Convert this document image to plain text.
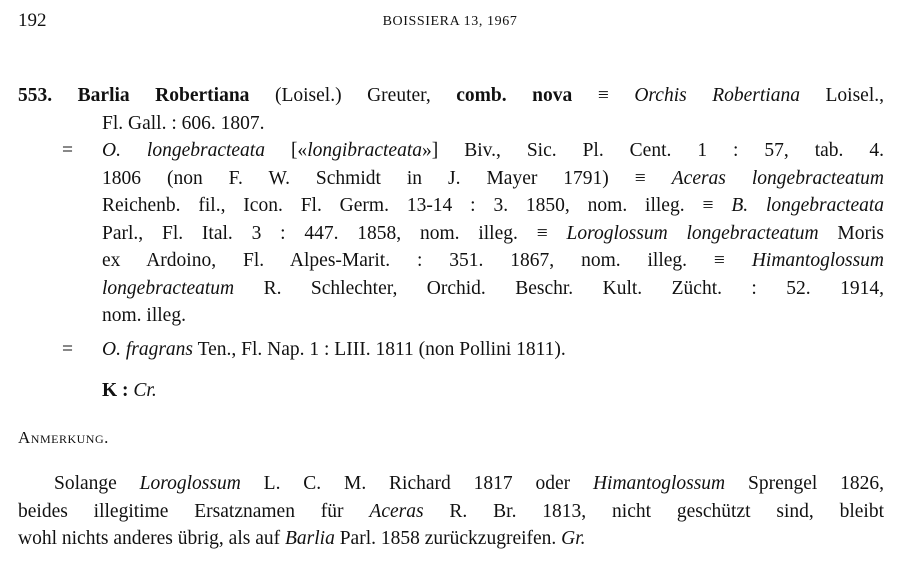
192	BOISSIERA 13, 1967
553. Barlia Robertiana (Loisel.) Greuter, comb. nova ≡ Orchis Robertiana Loisel.,
Fl. Gall. : 606. 1807.
=	O. longebracteata [«longibracteata»] Biv., Sic. Pl. Cent. 1 : 57, tab. 4.
1806 (non F. W. Schmidt in J. Mayer 1791) ≡ Aceras longebracteatum
Reichenb. fil., Icon. Fl. Germ. 13-14 : 3. 1850, nom. illeg. ≡ B. longebracteata
Parl., Fl. Ital. 3 : 447. 1858, nom. illeg. ≡ Loroglossum longebracteatum Moris
ex Ardoino, Fl. Alpes-Marit. : 351. 1867, nom. illeg. ≡ Himantoglossum
longebracteatum R. Schlechter, Orchid. Beschr. Kult. Zücht. : 52. 1914,
nom. illeg.
=	O. fragrans Ten., Fl. Nap. 1 : LIII. 1811 (non Pollini 1811).
K : Cr.
Anmerkung.
Solange Loroglossum L. C. M. Richard 1817 oder Himantoglossum Sprengel 1826,
beides illegitime Ersatznamen für Aceras R. Br. 1813, nicht geschützt sind, bleibt
wohl nichts anderes übrig, als auf Barlia Parl. 1858 zurückzugreifen. Gr.
